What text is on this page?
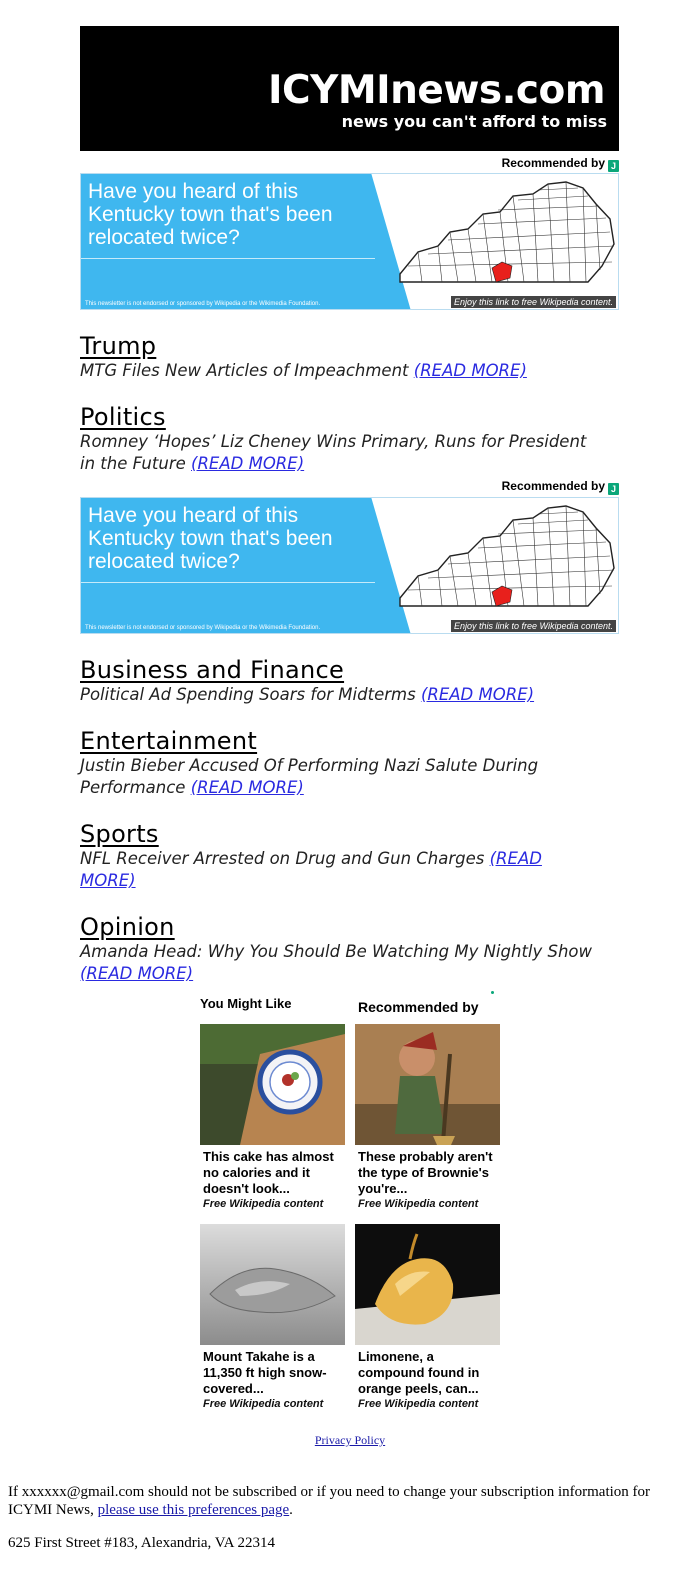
ICYMInews.com
news you can't afford to miss
Recommended by J
Have you heard of this Kentucky town that's been relocated twice?
This newsletter is not endorsed or sponsored by Wikipedia or the Wikimedia Foundation.	Enjoy this link to free Wikipedia content.
Trump
MTG Files New Articles of Impeachment (READ MORE)
Politics
Romney ‘Hopes’ Liz Cheney Wins Primary, Runs for President in the Future (READ MORE)
Recommended by J
Have you heard of this Kentucky town that's been relocated twice?
This newsletter is not endorsed or sponsored by Wikipedia or the Wikimedia Foundation.	Enjoy this link to free Wikipedia content.
Business and Finance
Political Ad Spending Soars for Midterms (READ MORE)
Entertainment
Justin Bieber Accused Of Performing Nazi Salute During Performance (READ MORE)
Sports
NFL Receiver Arrested on Drug and Gun Charges (READ MORE)
Opinion
Amanda Head: Why You Should Be Watching My Nightly Show (READ MORE)
You Might Like	Recommended by
This cake has almost no calories and it doesn't look...
Free Wikipedia content
These probably aren't the type of Brownie's you're...
Free Wikipedia content
Mount Takahe is a 11,350 ft high snow-covered...
Free Wikipedia content
Limonene, a compound found in orange peels, can...
Free Wikipedia content
Privacy Policy
If xxxxxx@gmail.com should not be subscribed or if you need to change your subscription information for ICYMI News, please use this preferences page.
625 First Street #183, Alexandria, VA 22314
